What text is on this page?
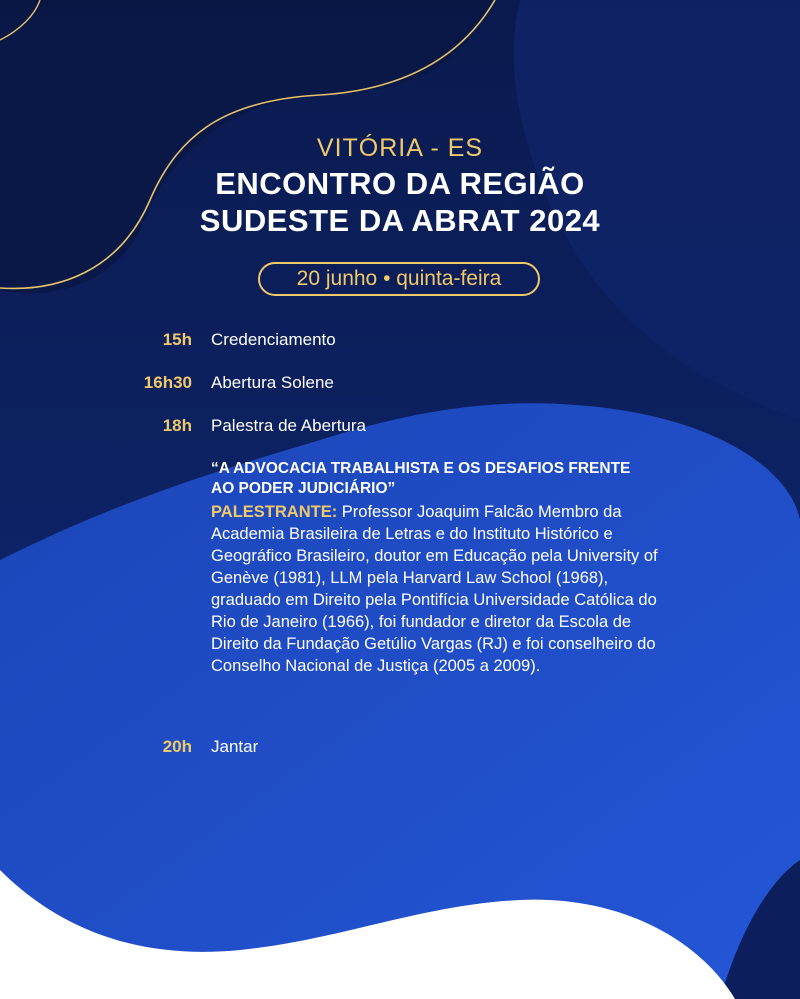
VITÓRIA - ES
ENCONTRO DA REGIÃO
SUDESTE DA ABRAT 2024
20 junho • quinta-feira
15h Credenciamento
16h30 Abertura Solene
18h Palestra de Abertura
“A ADVOCACIA TRABALHISTA E OS DESAFIOS FRENTE AO PODER JUDICIÁRIO”
PALESTRANTE: Professor Joaquim Falcão Membro da Academia Brasileira de Letras e do Instituto Histórico e Geográfico Brasileiro, doutor em Educação pela University of Genève (1981), LLM pela Harvard Law School (1968), graduado em Direito pela Pontifícia Universidade Católica do Rio de Janeiro (1966), foi fundador e diretor da Escola de Direito da Fundação Getúlio Vargas (RJ) e foi conselheiro do Conselho Nacional de Justiça (2005 a 2009).
20h Jantar
